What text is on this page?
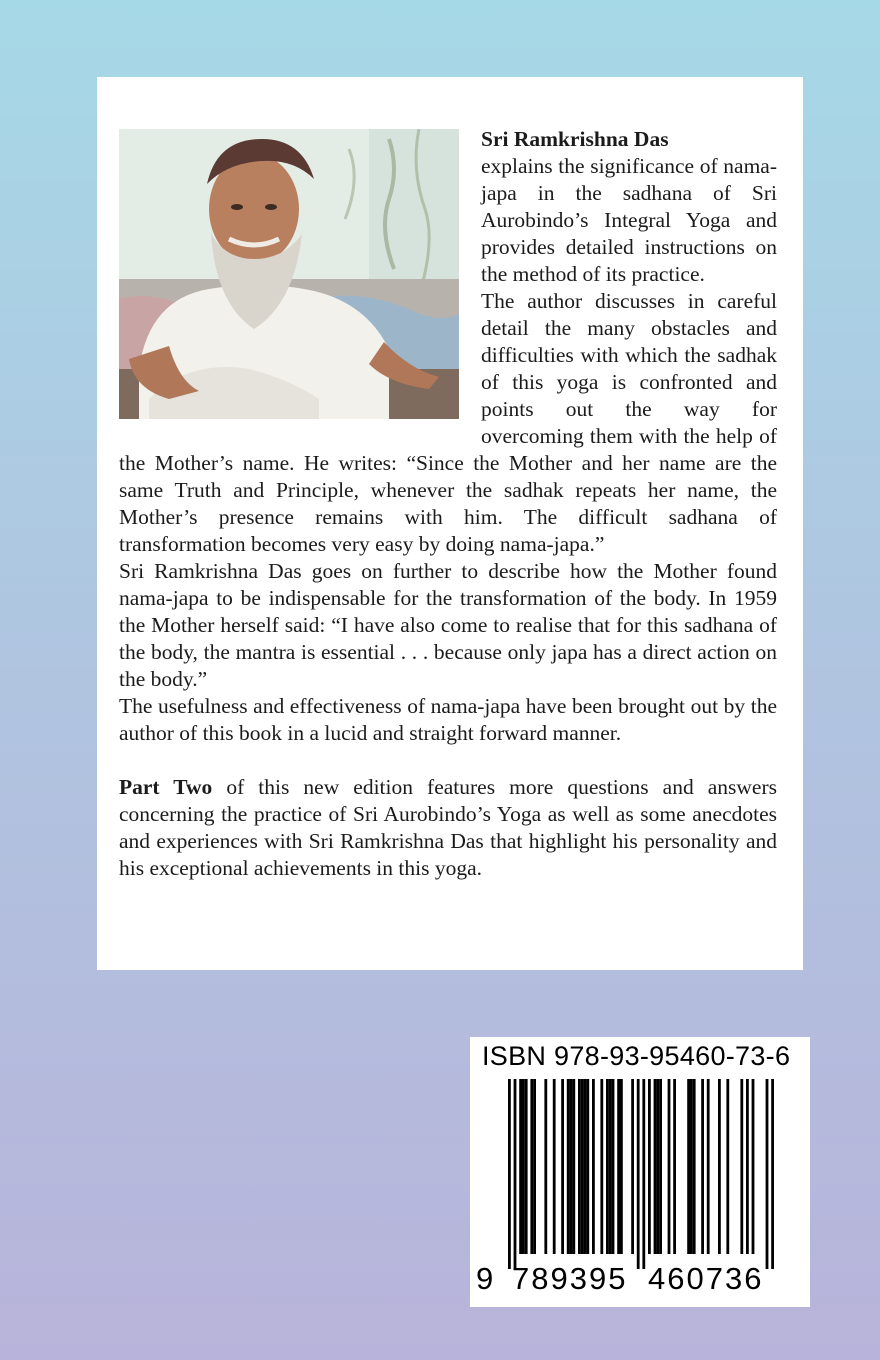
Sri Ramkrishna Das

explains the significance of nama-japa in the sadhana of Sri Aurobindo’s Integral Yoga and provides detailed instructions on the method of its practice.

The author discusses in careful detail the many obstacles and difficulties with which the sadhak of this yoga is confronted and points out the way for overcoming them with the help of the Mother’s name. He writes: “Since the Mother and her name are the same Truth and Principle, whenever the sadhak repeats her name, the Mother’s presence remains with him. The difficult sadhana of transformation becomes very easy by doing nama-japa.”

Sri Ramkrishna Das goes on further to describe how the Mother found nama-japa to be indispensable for the transformation of the body. In 1959 the Mother herself said: “I have also come to realise that for this sadhana of the body, the mantra is essential . . . because only japa has a direct action on the body.”

The usefulness and effectiveness of nama-japa have been brought out by the author of this book in a lucid and straight forward manner.

Part Two of this new edition features more questions and answers concerning the practice of Sri Aurobindo’s Yoga as well as some anecdotes and experiences with Sri Ramkrishna Das that highlight his personality and his exceptional achievements in this yoga.

ISBN 978-93-95460-73-6
9 789395 460736
